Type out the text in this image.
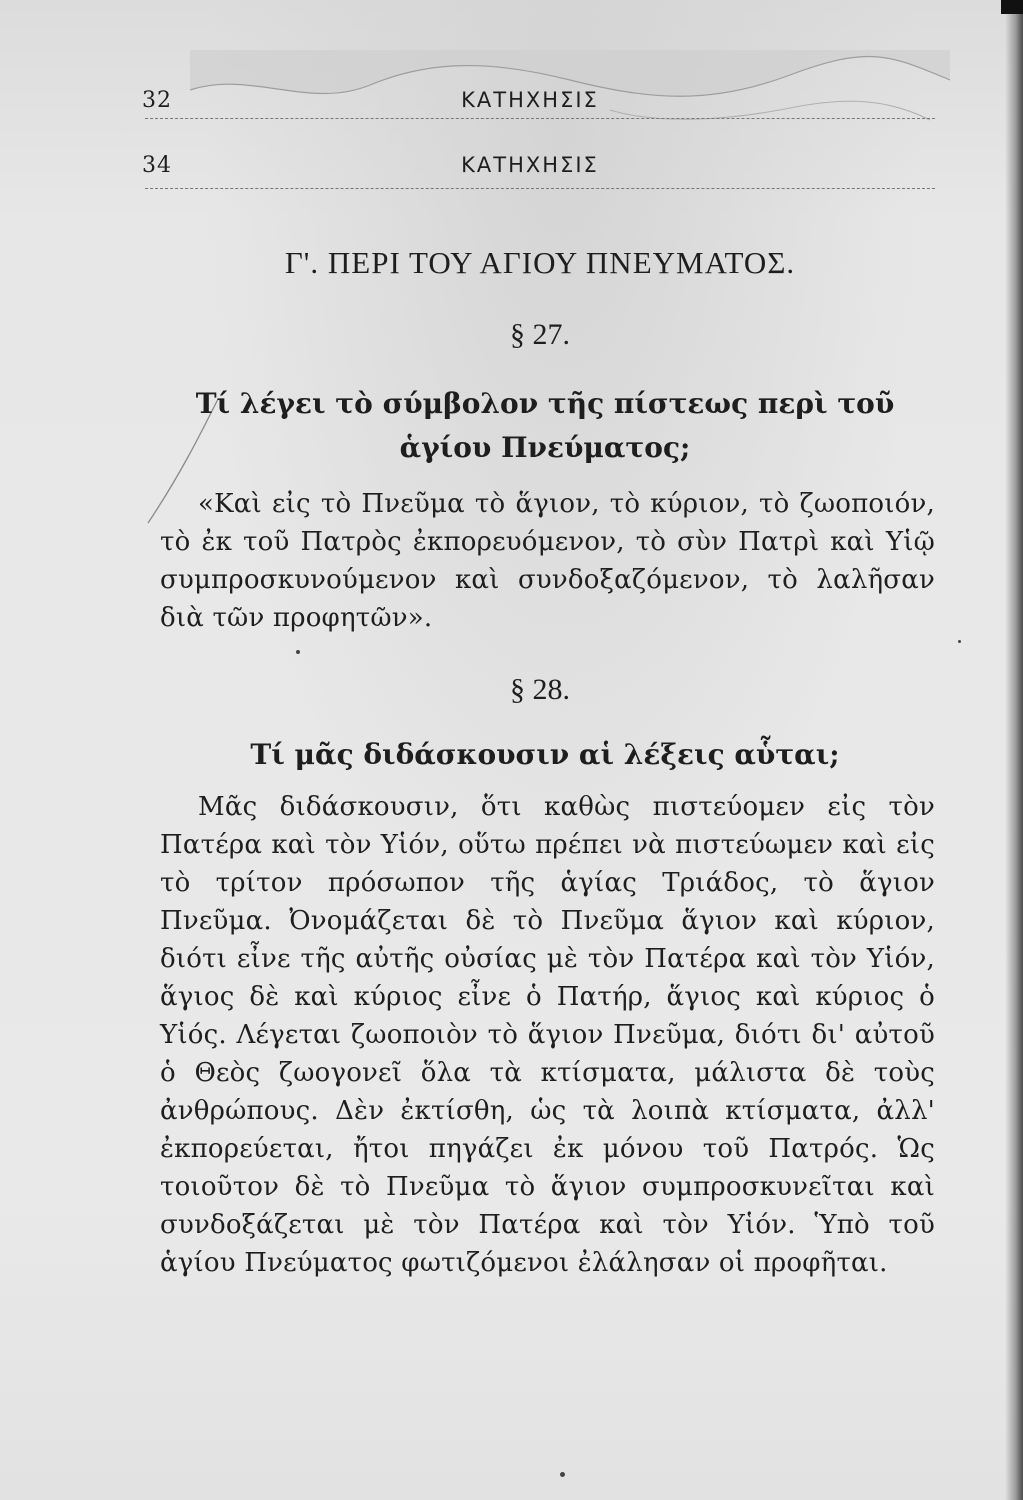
32	ΚΑΤΗΧΗΣΙΣ
34	ΚΑΤΗΧΗΣΙΣ
Γ'. ΠΕΡΙ ΤΟΥ ΑΓΙΟΥ ΠΝΕΥΜΑΤΟΣ.
§ 27.
Τί λέγει τὸ σύμβολον τῆς πίστεως περὶ τοῦ ἁγίου Πνεύματος;

«Καὶ εἰς τὸ Πνεῦμα τὸ ἅγιον, τὸ κύριον, τὸ ζωοποιόν, τὸ ἐκ τοῦ Πατρὸς ἐκπορευόμενον, τὸ σὺν Πατρὶ καὶ Υἱῷ συμπροσκυνούμενον καὶ συνδοξαζόμενον, τὸ λαλῆσαν διὰ τῶν προφητῶν».

§ 28.
Τί μᾶς διδάσκουσιν αἱ λέξεις αὗται;

Μᾶς διδάσκουσιν, ὅτι καθὼς πιστεύομεν εἰς τὸν Πατέρα καὶ τὸν Υἱόν, οὕτω πρέπει νὰ πιστεύωμεν καὶ εἰς τὸ τρίτον πρόσωπον τῆς ἁγίας Τριάδος, τὸ ἅγιον Πνεῦμα. Ὀνομάζεται δὲ τὸ Πνεῦμα ἅγιον καὶ κύριον, διότι εἶνε τῆς αὐτῆς οὐσίας μὲ τὸν Πατέρα καὶ τὸν Υἱόν, ἅγιος δὲ καὶ κύριος εἶνε ὁ Πατήρ, ἅγιος καὶ κύριος ὁ Υἱός. Λέγεται ζωοποιὸν τὸ ἅγιον Πνεῦμα, διότι δι' αὐτοῦ ὁ Θεὸς ζωογονεῖ ὅλα τὰ κτίσματα, μάλιστα δὲ τοὺς ἀνθρώπους. Δὲν ἐκτίσθη, ὡς τὰ λοιπὰ κτίσματα, ἀλλ' ἐκπορεύεται, ἤτοι πηγάζει ἐκ μόνου τοῦ Πατρός. Ὡς τοιοῦτον δὲ τὸ Πνεῦμα τὸ ἅγιον συμπροσκυνεῖται καὶ συνδοξάζεται μὲ τὸν Πατέρα καὶ τὸν Υἱόν. Ὑπὸ τοῦ ἁγίου Πνεύματος φωτιζόμενοι ἐλάλησαν οἱ προφῆται.
